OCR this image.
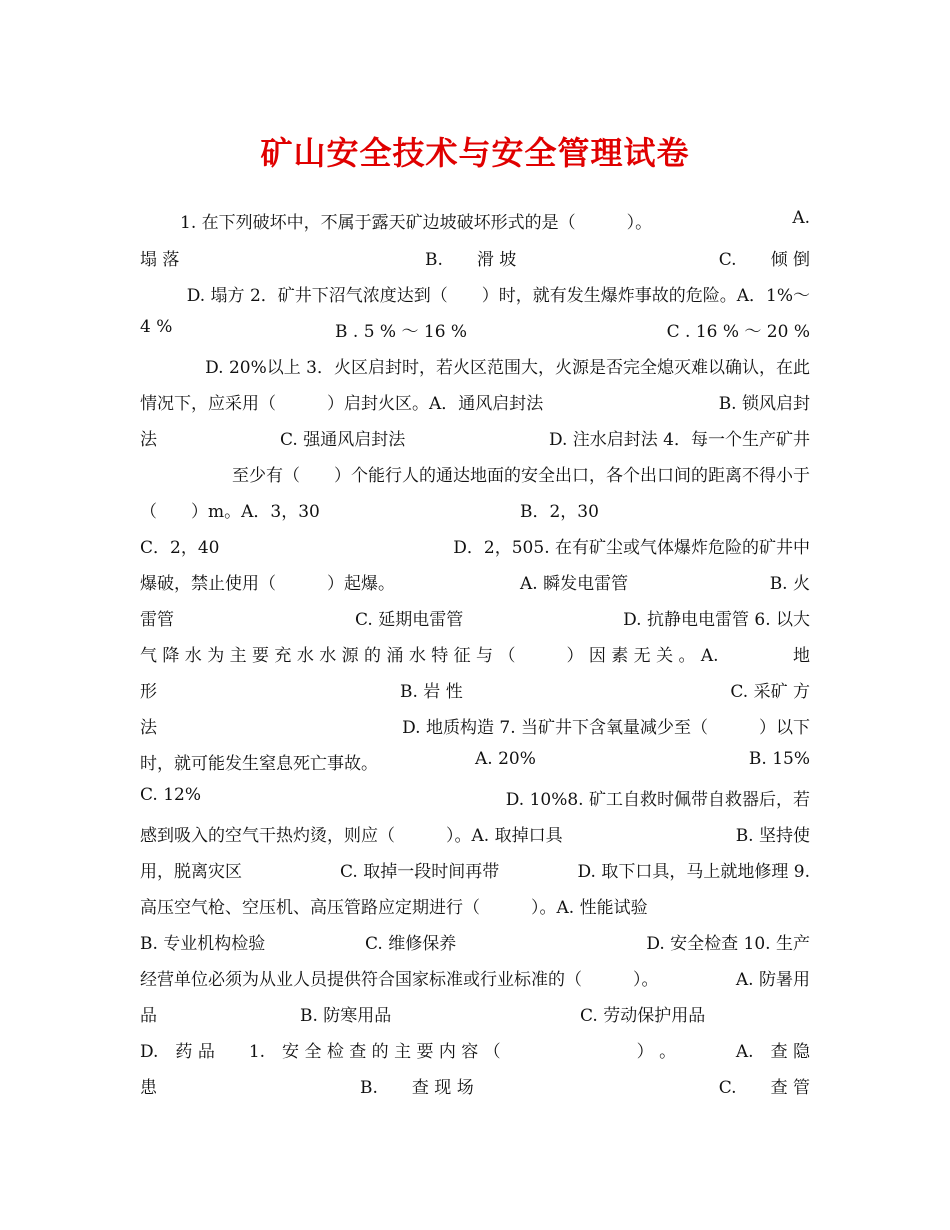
矿山安全技术与安全管理试卷
1. 在下列破坏中，不属于露天矿边坡破坏形式的是（　　　）。	A.
塌 落	B.　　滑 坡	C.　　倾 倒
D. 塌方 2．矿井下沼气浓度达到（　　）时，就有发生爆炸事故的危险。A．1%～
4 %	B . 5 % ～ 16 %	C . 16 % ～ 20 %
D. 20%以上 3．火区启封时，若火区范围大，火源是否完全熄灭难以确认，在此
情况下，应采用（　　　）启封火区。A．通风启封法	B. 锁风启封
法	C. 强通风启封法	D. 注水启封法 4．每一个生产矿井
至少有（　　）个能行人的通达地面的安全出口，各个出口间的距离不得小于
（　　）m。A．3，30	B．2，30
C．2，40	D．2，505. 在有矿尘或气体爆炸危险的矿井中
爆破，禁止使用（　　　）起爆。	A. 瞬发电雷管	B. 火
雷管	C. 延期电雷管	D. 抗静电电雷管 6. 以大
气 降 水 为 主 要 充 水 水 源 的 涌 水 特 征 与 （　　　） 因 素 无 关 。 A.	地
形	B. 岩 性	C. 采矿 方
法	D. 地质构造 7. 当矿井下含氧量减少至（　　　）以下
时，就可能发生窒息死亡事故。	A. 20%	B. 15%
C. 12%	D. 10%8. 矿工自救时佩带自救器后，若
感到吸入的空气干热灼烫，则应（　　　）。A. 取掉口具	B. 坚持使
用，脱离灾区	C. 取掉一段时间再带	D. 取下口具，马上就地修理 9.
高压空气枪、空压机、高压管路应定期进行（　　　）。A. 性能试验
B. 专业机构检验	C. 维修保养	D. 安全检查 10. 生产
经营单位必须为从业人员提供符合国家标准或行业标准的（　　　）。	A. 防暑用
品	B. 防寒用品	C. 劳动保护用品
D.　药 品　　1.　安 全 检 查 的 主 要 内 容 （　　　　　　　　） 。	A.　查 隐
患	B.　　查 现 场	C.　　查 管
